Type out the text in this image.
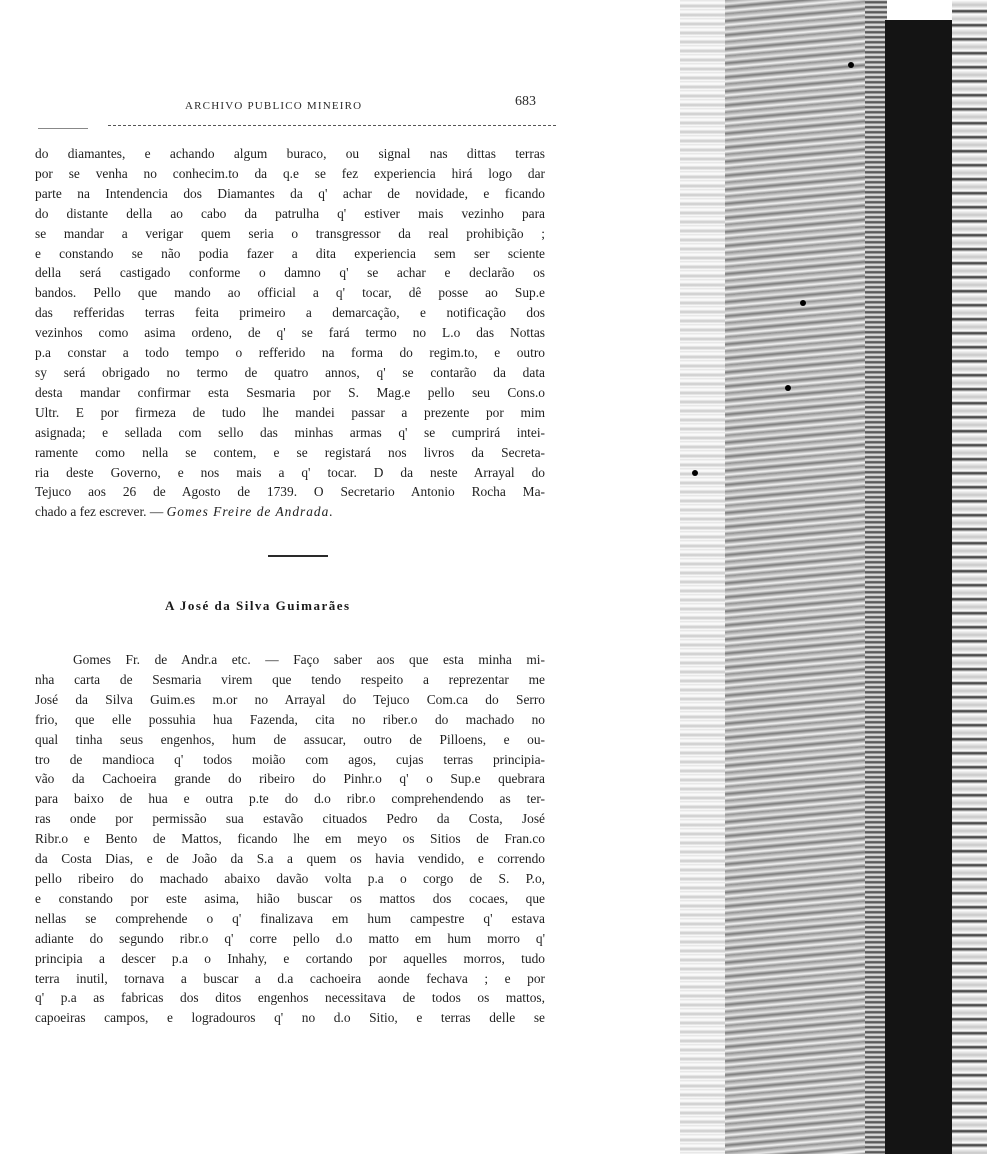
ARCHIVO PUBLICO MINEIRO	683
do diamantes, e achando algum buraco, ou signal nas dittas terras
por se venha no conhecim.to da q.e se fez experiencia hirá logo dar
parte na Intendencia dos Diamantes da q' achar de novidade, e ficando
do distante della ao cabo da patrulha q' estiver mais vezinho para
se mandar a verigar quem seria o transgressor da real prohibição ;
e constando se não podia fazer a dita experiencia sem ser sciente
della será castigado conforme o damno q' se achar e declarão os
bandos. Pello que mando ao official a q' tocar, dê posse ao Sup.e
das refferidas terras feita primeiro a demarcação, e notificação dos
vezinhos como asima ordeno, de q' se fará termo no L.o das Nottas
p.a constar a todo tempo o refferido na forma do regim.to, e outro
sy será obrigado no termo de quatro annos, q' se contarão da data
desta mandar confirmar esta Sesmaria por S. Mag.e pello seu Cons.o
Ultr. E por firmeza de tudo lhe mandei passar a prezente por mim
asignada; e sellada com sello das minhas armas q' se cumprirá intei-
ramente como nella se contem, e se registará nos livros da Secreta-
ria deste Governo, e nos mais a q' tocar. D da neste Arrayal do
Tejuco aos 26 de Agosto de 1739. O Secretario Antonio Rocha Ma-
chado a fez escrever. — Gomes Freire de Andrada.
A José da Silva Guimarães
Gomes Fr. de Andr.a etc. — Faço saber aos que esta minha mi-
nha carta de Sesmaria virem que tendo respeito a reprezentar me
José da Silva Guim.es m.or no Arrayal do Tejuco Com.ca do Serro
frio, que elle possuhia hua Fazenda, cita no riber.o do machado no
qual tinha seus engenhos, hum de assucar, outro de Pilloens, e ou-
tro de mandioca q' todos moião com agos, cujas terras principia-
vão da Cachoeira grande do ribeiro do Pinhr.o q' o Sup.e quebrara
para baixo de hua e outra p.te do d.o ribr.o comprehendendo as ter-
ras onde por permissão sua estavão cituados Pedro da Costa, José
Ribr.o e Bento de Mattos, ficando lhe em meyo os Sitios de Fran.co
da Costa Dias, e de João da S.a a quem os havia vendido, e correndo
pello ribeiro do machado abaixo davão volta p.a o corgo de S. P.o,
e constando por este asima, hião buscar os mattos dos cocaes, que
nellas se comprehende o q' finalizava em hum campestre q' estava
adiante do segundo ribr.o q' corre pello d.o matto em hum morro q'
principia a descer p.a o Inhahy, e cortando por aquelles morros, tudo
terra inutil, tornava a buscar a d.a cachoeira aonde fechava ; e por
q' p.a as fabricas dos ditos engenhos necessitava de todos os mattos,
capoeiras campos, e logradouros q' no d.o Sitio, e terras delle se
